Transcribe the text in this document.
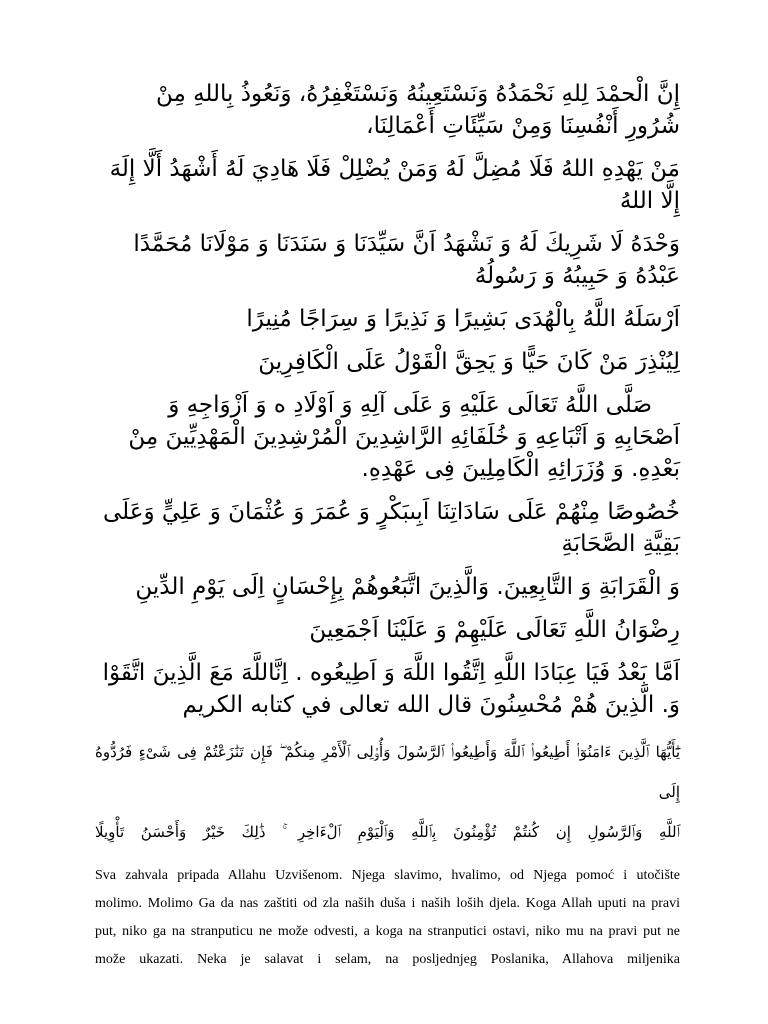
إِنَّ الْحمْدَ لِلهِ نَحْمَدُهُ وَنَسْتَعِينُهُ وَنَسْتَغْفِرُهُ، وَنَعُوذُ بِاللهِ مِنْ شُرُورِ أَنْفُسِنَا وَمِنْ سَيِّئَاتِ أَعْمَالِنَا،

مَنْ يَهْدِهِ اللهُ فَلَا مُضِلَّ لَهُ وَمَنْ يُضْلِلْ فَلَا هَادِيَ لَهُ أَشْهَدُ أَلَّا إِلَهَ إِلَّا اللهُ

وَحْدَهُ لَا شَرِيكَ لَهُ وَ نَشْهَدُ اَنَّ سَيِّدَنَا وَ سَنَدَنَا وَ مَوْلَانَا مُحَمَّدًا عَبْدُهُ وَ حَبِيبُهُ وَ رَسُولُهُ

اَرْسَلَهُ اللَّهُ بِالْهُدَى بَشِيرًا وَ نَذِيرًا وَ سِرَاجًا مُنِيرًا

لِيُنْذِرَ مَنْ كَانَ حَيًّا وَ يَحِقَّ الْقَوْلُ عَلَى الْكَافِرِينَ

صَلَّى اللَّهُ تَعَالَى عَلَيْهِ وَ عَلَى آلِهِ وَ اَوْلَادِ ه وَ اَزْوَاجِهِ وَ اَصْحَابِهِ وَ اَتْبَاعِهِ وَ خُلَفَائِهِ الرَّاشِدِينَ الْمُرْشِدِينَ الْمَهْدِيِّينَ مِنْ بَعْدِهِ. وَ وُزَرَائِهِ الْكَامِلِينَ فِى عَهْدِهِ.

خُصُوصًا مِنْهُمْ عَلَى سَادَاتِنَا اَبِىبَكْرٍ وَ عُمَرَ وَ عُثْمَانَ وَ عَلِيٍّ وَعَلَى بَقِيَّةِ الصَّحَابَةِ

وَ الْقَرَابَةِ وَ التَّابِعِينَ. وَالَّذِينَ اتَّبَعُوهُمْ بِإِحْسَانٍ اِلَى يَوْمِ الدِّينِ

رِضْوَانُ اللَّهِ تَعَالَى عَلَيْهِمْ وَ عَلَيْنَا اَجْمَعِينَ

اَمَّا بَعْدُ فَيَا عِبَادَا اللَّهِ اِتَّقُوا اللَّهَ وَ اَطِيعُوه . اِنَّاللَّهَ مَعَ الَّذِينَ اتَّقَوْا وَ. الَّذِينَ هُمْ مُحْسِنُونَ قال الله تعالى في كتابه الكريم

يَٰٓأَيُّهَا ٱلَّذِينَ ءَامَنُوٓا۟ أَطِيعُوا۟ ٱللَّهَ وَأَطِيعُوا۟ ٱلرَّسُولَ وَأُو۟لِى ٱلْأَمْرِ مِنكُمْ ۖ فَإِن تَنَٰزَعْتُمْ فِى شَىْءٍ فَرُدُّوهُ إِلَى
ٱللَّهِ وَٱلرَّسُولِ إِن كُنتُمْ تُؤْمِنُونَ بِٱللَّهِ وَٱلْيَوْمِ ٱلْءَاخِرِ ۚ ذَٰلِكَ خَيْرٌ وَأَحْسَنُ تَأْوِيلًا
Sva zahvala pripada Allahu Uzvišenom. Njega slavimo, hvalimo, od Njega pomoć i utočište
molimo. Molimo Ga da nas zaštiti od zla naših duša i naših loših djela. Koga Allah uputi na pravi
put, niko ga na stranputicu ne može odvesti, a koga na stranputici ostavi, niko mu na pravi put ne
može ukazati. Neka je salavat i selam, na posljednjeg Poslanika, Allahova miljenika
